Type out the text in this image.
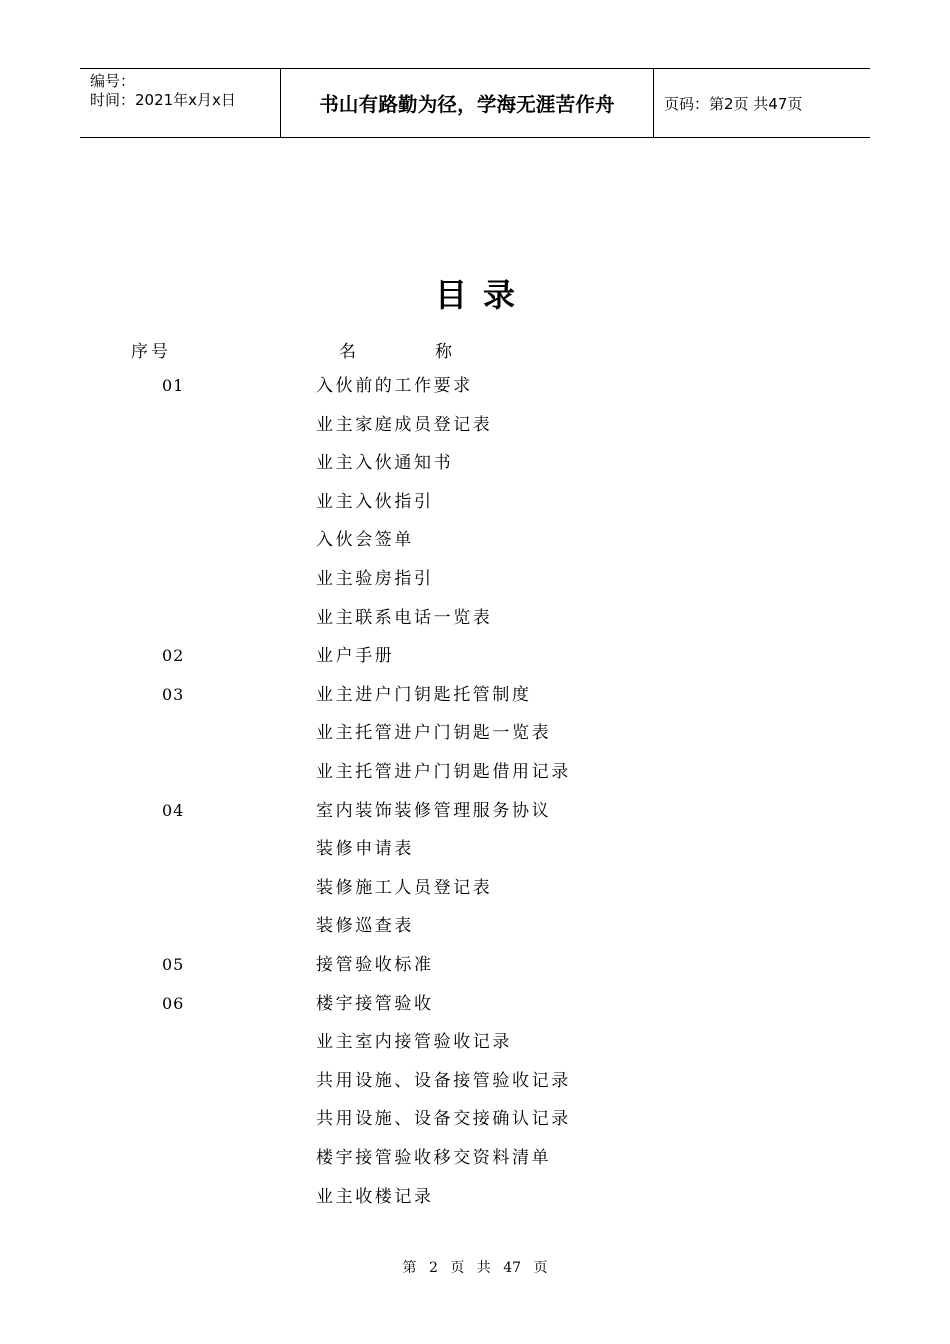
编号：
时间：2021年x月x日	书山有路勤为径，学海无涯苦作舟	页码：第2页 共47页
目录
序号	名	称
01	入伙前的工作要求
业主家庭成员登记表
业主入伙通知书
业主入伙指引
入伙会签单
业主验房指引
业主联系电话一览表
02	业户手册
03	业主进户门钥匙托管制度
业主托管进户门钥匙一览表
业主托管进户门钥匙借用记录
04	室内装饰装修管理服务协议
装修申请表
装修施工人员登记表
装修巡查表
05	接管验收标准
06	楼宇接管验收
业主室内接管验收记录
共用设施、设备接管验收记录
共用设施、设备交接确认记录
楼宇接管验收移交资料清单
业主收楼记录
第 2 页 共 47 页
